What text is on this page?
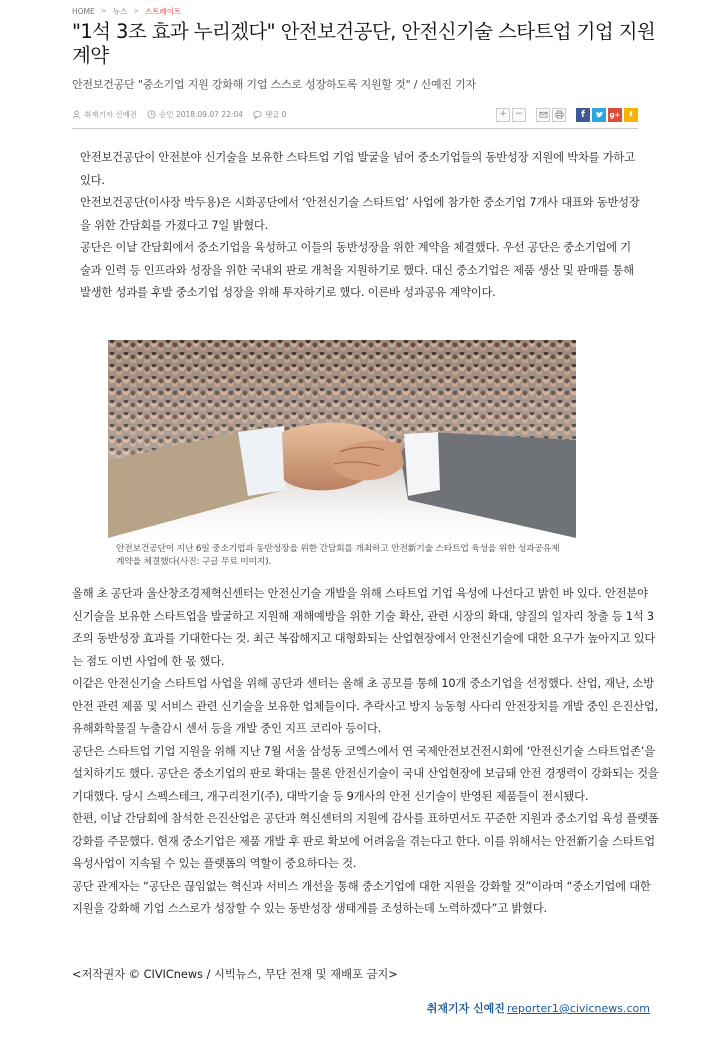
HOME > 뉴스 > 스트레이트
"1석 3조 효과 누리겠다" 안전보건공단, 안전신기술 스타트업 기업 지원 계약
안전보건공단 "중소기업 지원 강화해 기업 스스로 성장하도록 지원할 것" / 신예진 기자
취재기자 신예진	승인 2018.09.07 22:04	댓글 0	+ −	f	g+

안전보건공단이 안전분야 신기술을 보유한 스타트업 기업 발굴을 넘어 중소기업들의 동반성장 지원에 박차를 가하고 있다.

안전보건공단(이사장 박두용)은 시화공단에서 ‘안전신기술 스타트업’ 사업에 참가한 중소기업 7개사 대표와 동반성장을 위한 간담회를 가졌다고 7일 밝혔다.

공단은 이날 간담회에서 중소기업을 육성하고 이들의 동반성장을 위한 계약을 체결했다. 우선 공단은 중소기업에 기술과 인력 등 인프라와 성장을 위한 국내외 판로 개척을 지원하기로 했다. 대신 중소기업은 제품 생산 및 판매를 통해 발생한 성과를 후발 중소기업 성장을 위해 투자하기로 했다. 이른바 성과공유 계약이다.

안전보건공단이 지난 6일 중소기업과 동반성장을 위한 간담회를 개최하고 안전新기술 스타트업 육성을 위한 성과공유제 계약을 체결했다(사진: 구글 무료 이미지).

올해 초 공단과 울산창조경제혁신센터는 안전신기술 개발을 위해 스타트업 기업 육성에 나선다고 밝힌 바 있다. 안전분야 신기술을 보유한 스타트업을 발굴하고 지원해 재해예방을 위한 기술 확산, 관련 시장의 확대, 양질의 일자리 창출 등 1석 3조의 동반성장 효과를 기대한다는 것. 최근 복잡해지고 대형화되는 산업현장에서 안전신기술에 대한 요구가 높아지고 있다는 점도 이번 사업에 한 몫 했다.

이같은 안전신기술 스타트업 사업을 위해 공단과 센터는 올해 초 공모를 통해 10개 중소기업을 선정했다. 산업, 재난, 소방안전 관련 제품 및 서비스 관련 신기술을 보유한 업체들이다. 추락사고 방지 능동형 사다리 안전장치를 개발 중인 은진산업, 유해화학물질 누출감시 센서 등을 개발 중인 지프 코리아 등이다.

공단은 스타트업 기업 지원을 위해 지난 7월 서울 삼성동 코엑스에서 연 국제안전보건전시회에 ‘안전신기술 스타트업존’을 설치하기도 했다. 공단은 중소기업의 판로 확대는 물론 안전신기술이 국내 산업현장에 보급돼 안전 경쟁력이 강화되는 것을 기대했다. 당시 스펙스테크, 개구리전기(주), 대박기술 등 9개사의 안전 신기술이 반영된 제품들이 전시됐다.

한편, 이날 간담회에 참석한 은진산업은 공단과 혁신센터의 지원에 감사를 표하면서도 꾸준한 지원과 중소기업 육성 플랫폼 강화를 주문했다. 현재 중소기업은 제품 개발 후 판로 확보에 어려움을 겪는다고 한다. 이를 위해서는 안전新기술 스타트업 육성사업이 지속될 수 있는 플랫폼의 역할이 중요하다는 것.

공단 관계자는 “공단은 끊임없는 혁신과 서비스 개선을 통해 중소기업에 대한 지원을 강화할 것”이라며 “중소기업에 대한 지원을 강화해 기업 스스로가 성장할 수 있는 동반성장 생태계를 조성하는데 노력하겠다”고 밝혔다.

<저작권자 © CIVICnews / 시빅뉴스, 무단 전재 및 재배포 금지>
취재기자 신예진 reporter1@civicnews.com
